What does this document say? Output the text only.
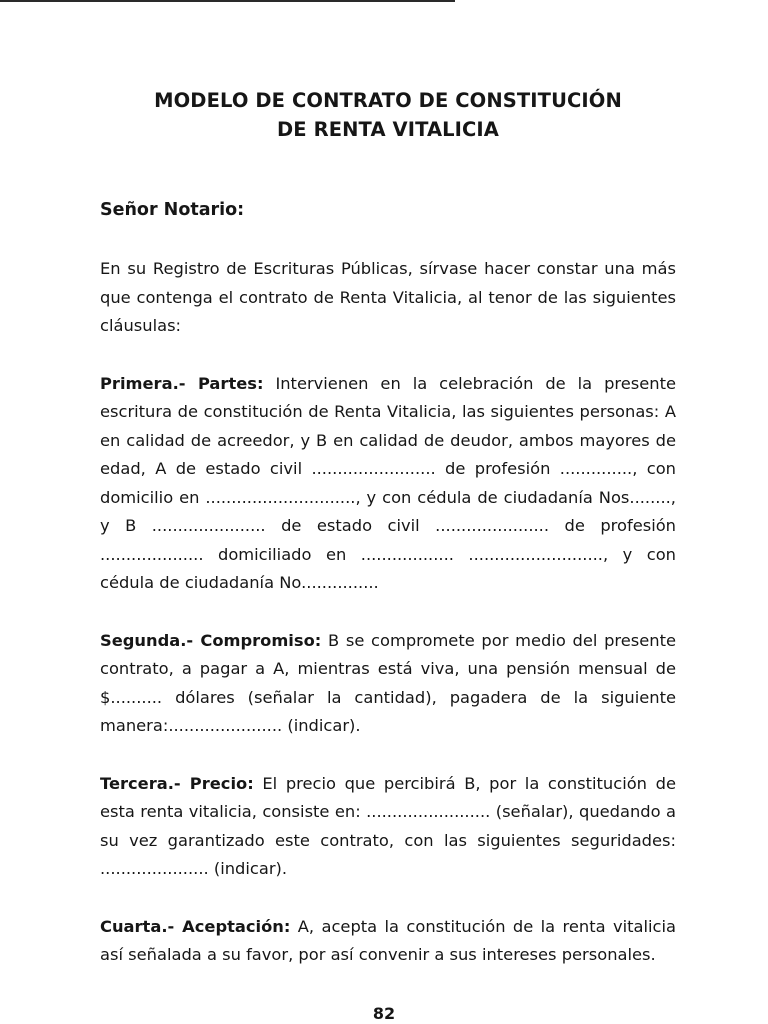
MODELO DE CONTRATO DE CONSTITUCIÓN
DE RENTA VITALICIA
Señor Notario:

En su Registro de Escrituras Públicas, sírvase hacer constar una más que contenga el contrato de Renta Vitalicia, al tenor de las siguientes cláusulas:

Primera.- Partes: Intervienen en la celebración de la presente escritura de constitución de Renta Vitalicia, las siguientes personas: A en calidad de acreedor, y B en calidad de deudor, ambos mayores de edad, A de estado civil ........................ de profesión .............., con domicilio en ............................., y con cédula de ciudadanía Nos........, y B ...................... de estado civil ...................... de profesión .................... domiciliado en .................. .........................., y con cédula de ciudadanía No...............

Segunda.- Compromiso: B se compromete por medio del presente contrato, a pagar a A, mientras está viva, una pensión mensual de $.......... dólares (señalar la cantidad), pagadera de la siguiente manera:...................... (indicar).

Tercera.- Precio: El precio que percibirá B, por la constitución de esta renta vitalicia, consiste en: ........................ (señalar), quedando a su vez garantizado este contrato, con las siguientes seguridades: ..................... (indicar).

Cuarta.- Aceptación: A, acepta la constitución de la renta vitalicia así señalada a su favor, por así convenir a sus intereses personales.

82
